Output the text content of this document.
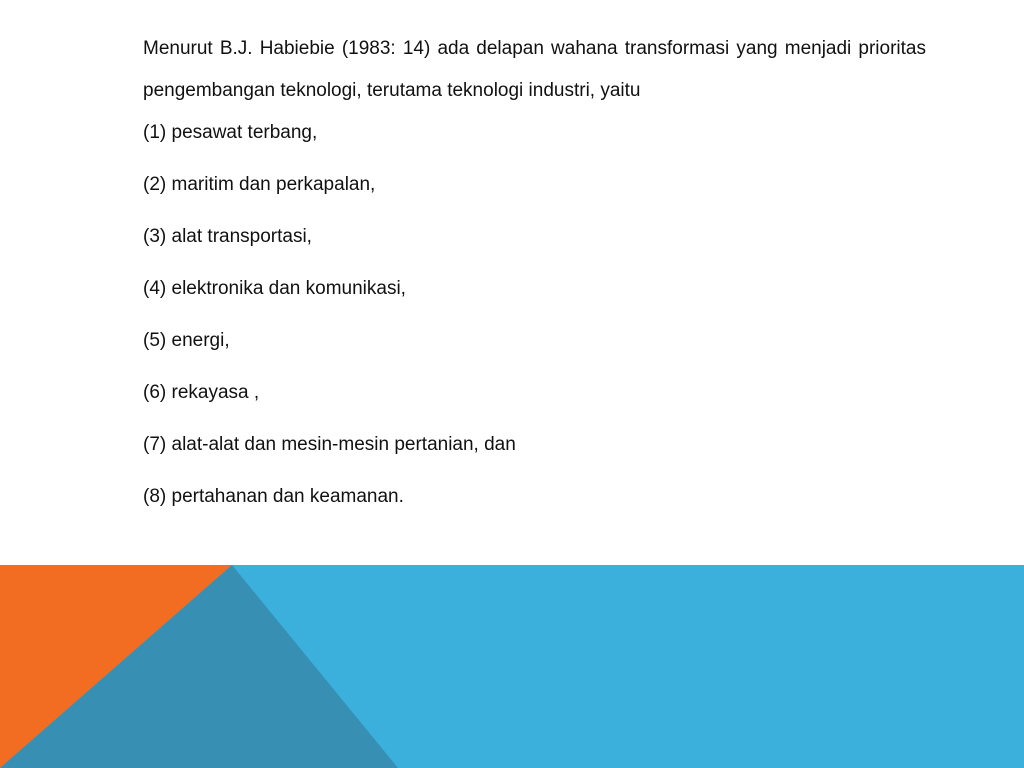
Menurut B.J. Habiebie (1983: 14) ada delapan wahana transformasi yang menjadi prioritas pengembangan teknologi, terutama teknologi industri, yaitu

(1) pesawat terbang,
(2) maritim dan perkapalan,
(3) alat transportasi,
(4) elektronika dan komunikasi,
(5) energi,
(6) rekayasa ,
(7) alat-alat dan mesin-mesin pertanian, dan
(8) pertahanan dan keamanan.
